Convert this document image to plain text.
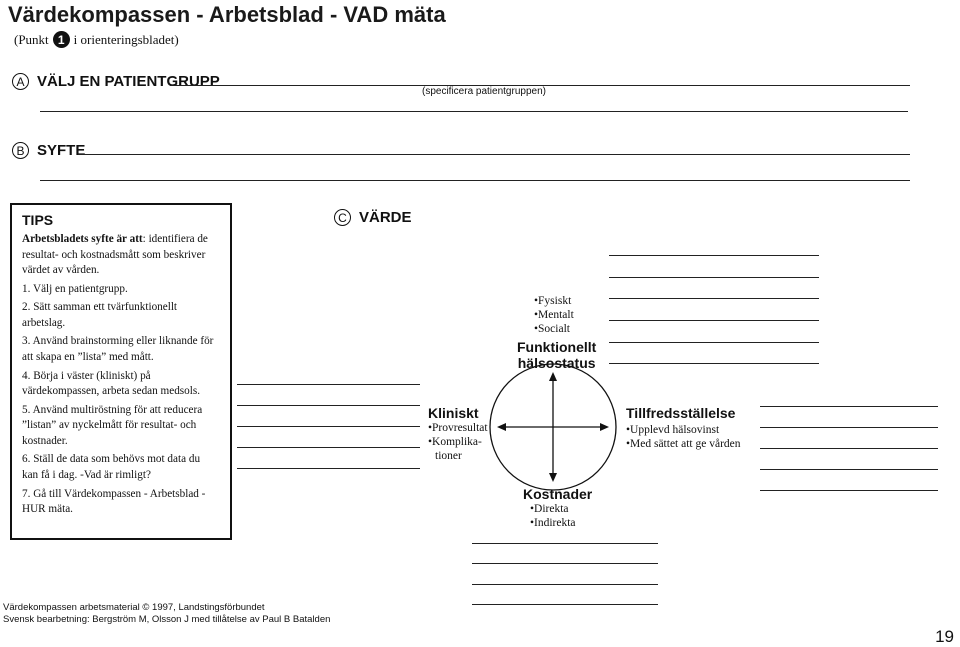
Värdekompassen - Arbetsblad - VAD mäta
(Punkt 1 i orienteringsbladet)
A VÄLJ EN PATIENTGRUPP
(specificera patientgruppen)
B SYFTE
C VÄRDE
TIPS

Arbetsbladets syfte är att: identifiera de resultat- och kostnadsmått som beskriver värdet av vården.

1. Välj en patientgrupp.
2. Sätt samman ett tvärfunktionellt arbetslag.
3. Använd brainstorming eller liknande för att skapa en ”lista” med mått.
4. Börja i väster (kliniskt) på värdekompassen, arbeta sedan medsols.
5. Använd multiröstning för att reducera ”listan” av nyckelmått för resultat- och kostnader.
6. Ställ de data som behövs mot data du kan få i dag. -Vad är rimligt?
7. Gå till Värdekompassen - Arbetsblad - HUR mäta.
•Fysiskt
•Mentalt
•Socialt
Funktionellt
hälsostatus
Kliniskt
•Provresultat
•Komplika-
tioner
Tillfredsställelse
•Upplevd hälsovinst
•Med sättet att ge vården
Kostnader
•Direkta
•Indirekta
Värdekompassen arbetsmaterial © 1997, Landstingsförbundet
Svensk bearbetning: Bergström M, Olsson J med tillåtelse av Paul B Batalden
19
